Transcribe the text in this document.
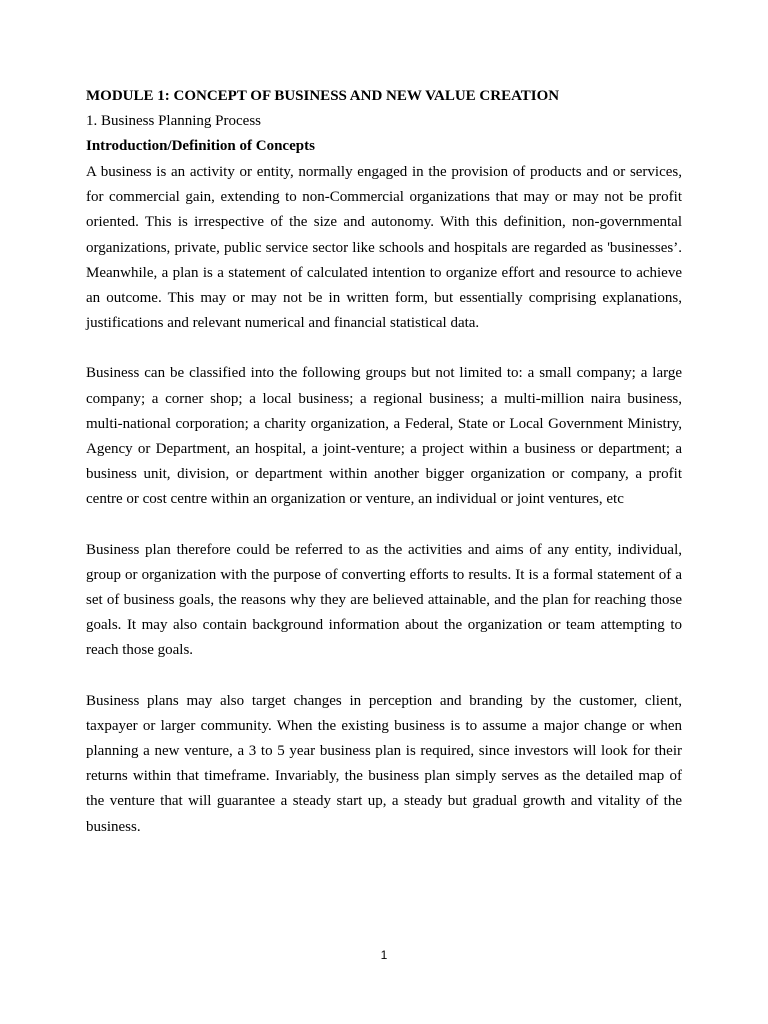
MODULE 1: CONCEPT OF BUSINESS AND NEW VALUE CREATION
1. Business Planning Process
Introduction/Definition of Concepts

A business is an activity or entity, normally engaged in the provision of products and or services, for commercial gain, extending to non-Commercial organizations that may or may not be profit oriented. This is irrespective of the size and autonomy. With this definition, non-governmental organizations, private, public service sector like schools and hospitals are regarded as 'businesses’. Meanwhile, a plan is a statement of calculated intention to organize effort and resource to achieve an outcome. This may or may not be in written form, but essentially comprising explanations, justifications and relevant numerical and financial statistical data.

Business can be classified into the following groups but not limited to: a small company; a large company; a corner shop; a local business; a regional business; a multi-million naira business, multi-national corporation; a charity organization, a Federal, State or Local Government Ministry, Agency or Department, an hospital, a joint-venture; a project within a business or department; a business unit, division, or department within another bigger organization or company, a profit centre or cost centre within an organization or venture, an individual or joint ventures, etc

Business plan therefore could be referred to as the activities and aims of any entity, individual, group or organization with the purpose of converting efforts to results. It is a formal statement of a set of business goals, the reasons why they are believed attainable, and the plan for reaching those goals. It may also contain background information about the organization or team attempting to reach those goals.

Business plans may also target changes in perception and branding by the customer, client, taxpayer or larger community. When the existing business is to assume a major change or when planning a new venture, a 3 to 5 year business plan is required, since investors will look for their returns within that timeframe. Invariably, the business plan simply serves as the detailed map of the venture that will guarantee a steady start up, a steady but gradual growth and vitality of the business.

1
